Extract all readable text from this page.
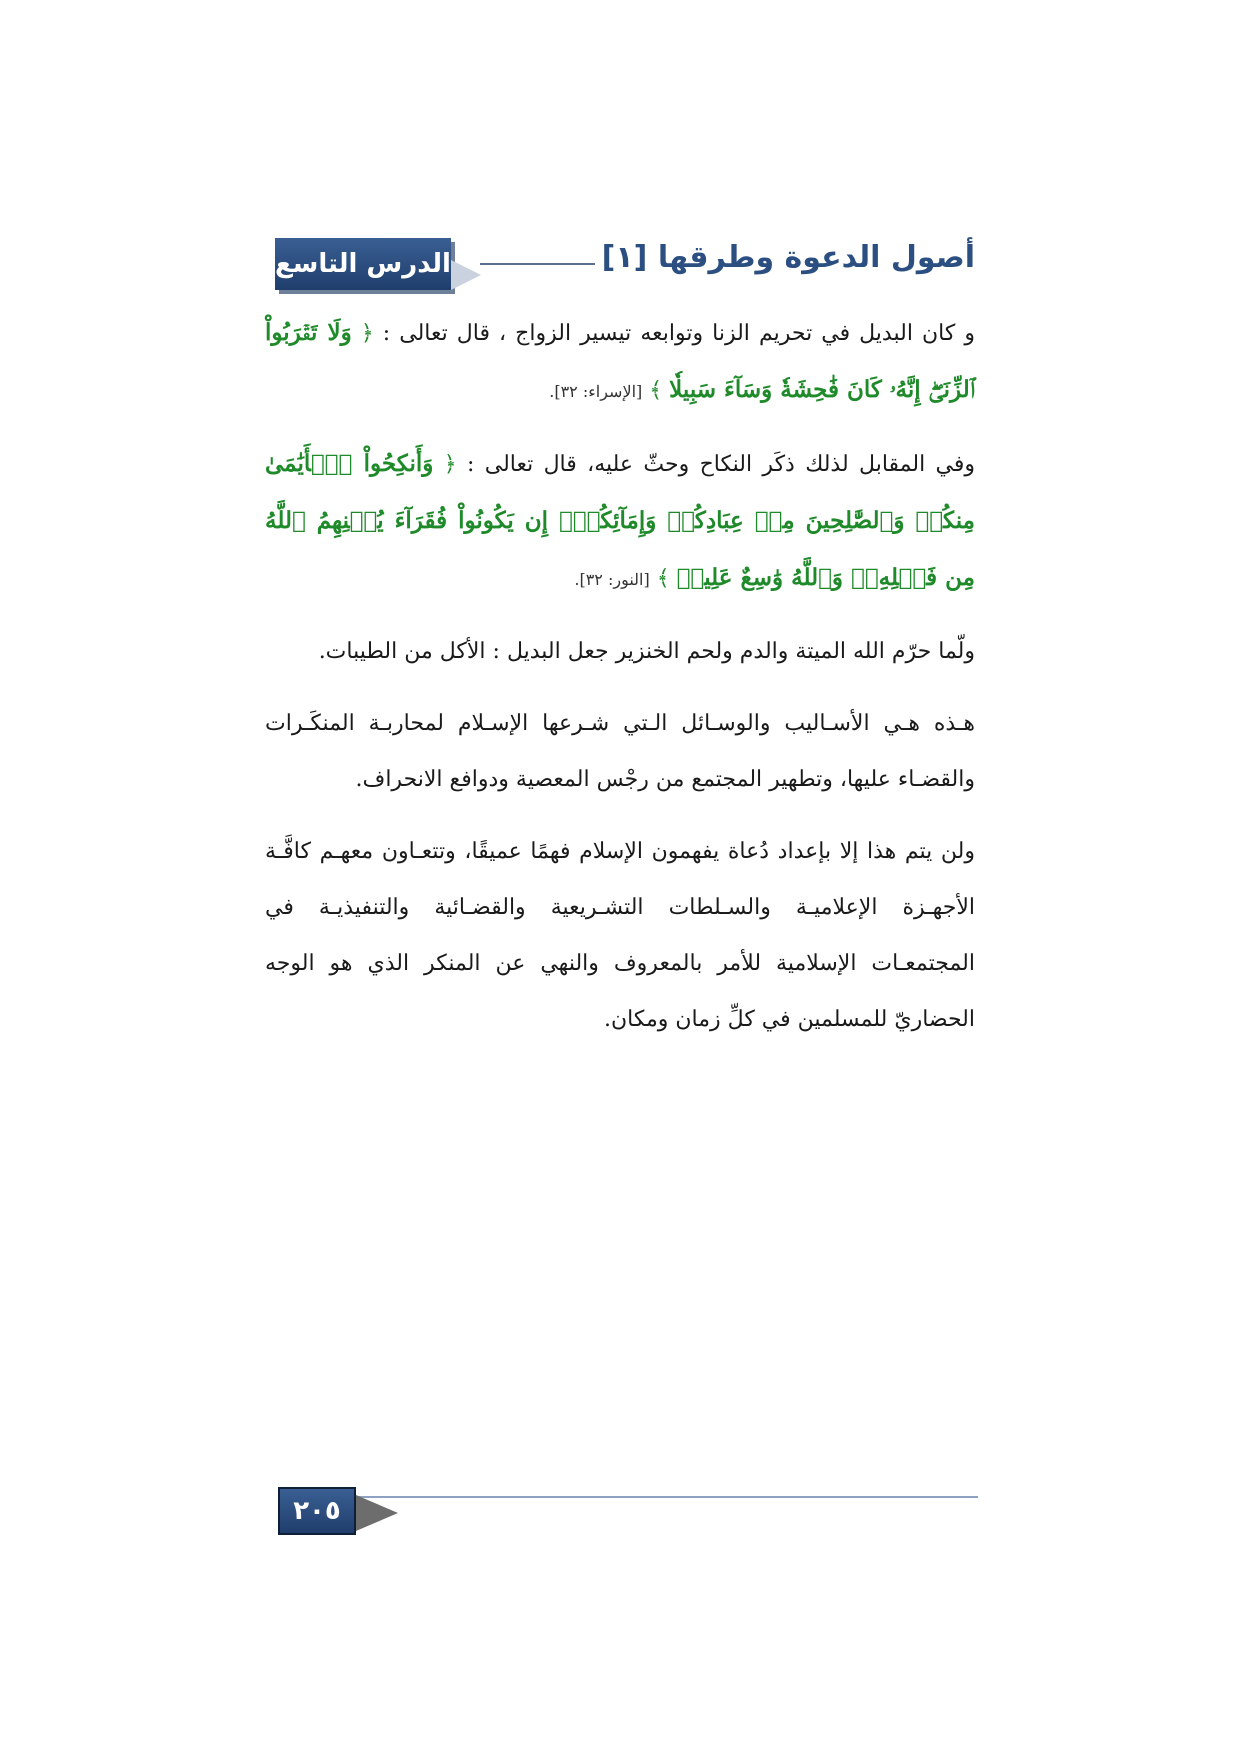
الدرس التاسع	أصول الدعوة وطرقها [١]

و كان البديل في تحريم الزنا وتوابعه تيسير الزواج ، قال تعالى : ﴿ وَلَا تَقۡرَبُواْ ٱلزِّنَىٰٓۖ إِنَّهُۥ كَانَ فَٰحِشَةٗ وَسَآءَ سَبِيلٗا ﴾ [الإسراء: ٣٢].

وفي المقابل لذلك ذكَر النكاح وحثّ عليه، قال تعالى : ﴿ وَأَنكِحُواْ ٱلۡأَيَٰمَىٰ مِنكُمۡ وَٱلصَّٰلِحِينَ مِنۡ عِبَادِكُمۡ وَإِمَآئِكُمۡۚ إِن يَكُونُواْ فُقَرَآءَ يُغۡنِهِمُ ٱللَّهُ مِن فَضۡلِهِۦۗ وَٱللَّهُ وَٰسِعٌ عَلِيمٞ ﴾ [النور: ٣٢].

ولّما حرّم الله الميتة والدم ولحم الخنزير جعل البديل : الأكل من الطيبات.

هـذه هـي الأسـاليب والوسـائل الـتي شـرعها الإسـلام لمحاربـة المنكَـرات والقضـاء عليها، وتطهير المجتمع من رجْس المعصية ودوافع الانحراف.

ولن يتم هذا إلا بإعداد دُعاة يفهمون الإسلام فهمًا عميقًا، وتتعـاون معهـم كافَّـة الأجهـزة الإعلاميـة والسـلطات التشـريعية والقضـائية والتنفيذيـة في المجتمعـات الإسلامية للأمر بالمعروف والنهي عن المنكر الذي هو الوجه الحضاريّ للمسلمين في كلِّ زمان ومكان.

٢٠٥
